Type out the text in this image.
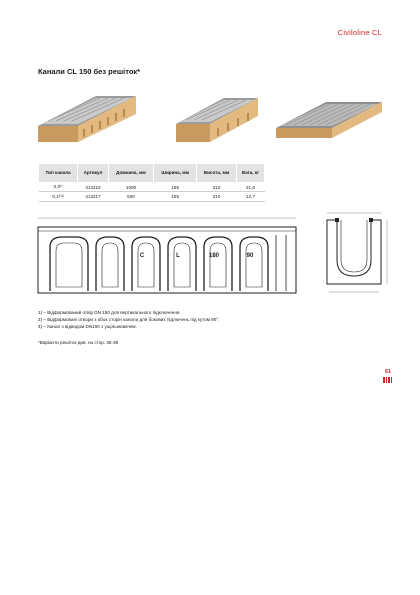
Civiloline CL
Канали CL 150 без решіток*
Тип канала	Артикул	Довжина, мм	Ширина, мм	Висота, мм	Вага, кг
0,0¹⁾	413216	1000	185	210	21,6
0,1²⁾³⁾	413217	500	185	210	12,7
C	L	180	90
1) – Відформований отвір DN 150 для вертикального підключення.
2) – Відформовані отвори з обох сторін канала для бокових підлючень під кутом 90°.
4) – Канал з відводом DN100 з ущільнювачем.
*Варіанти решіток див. на стор. 36-39
61
